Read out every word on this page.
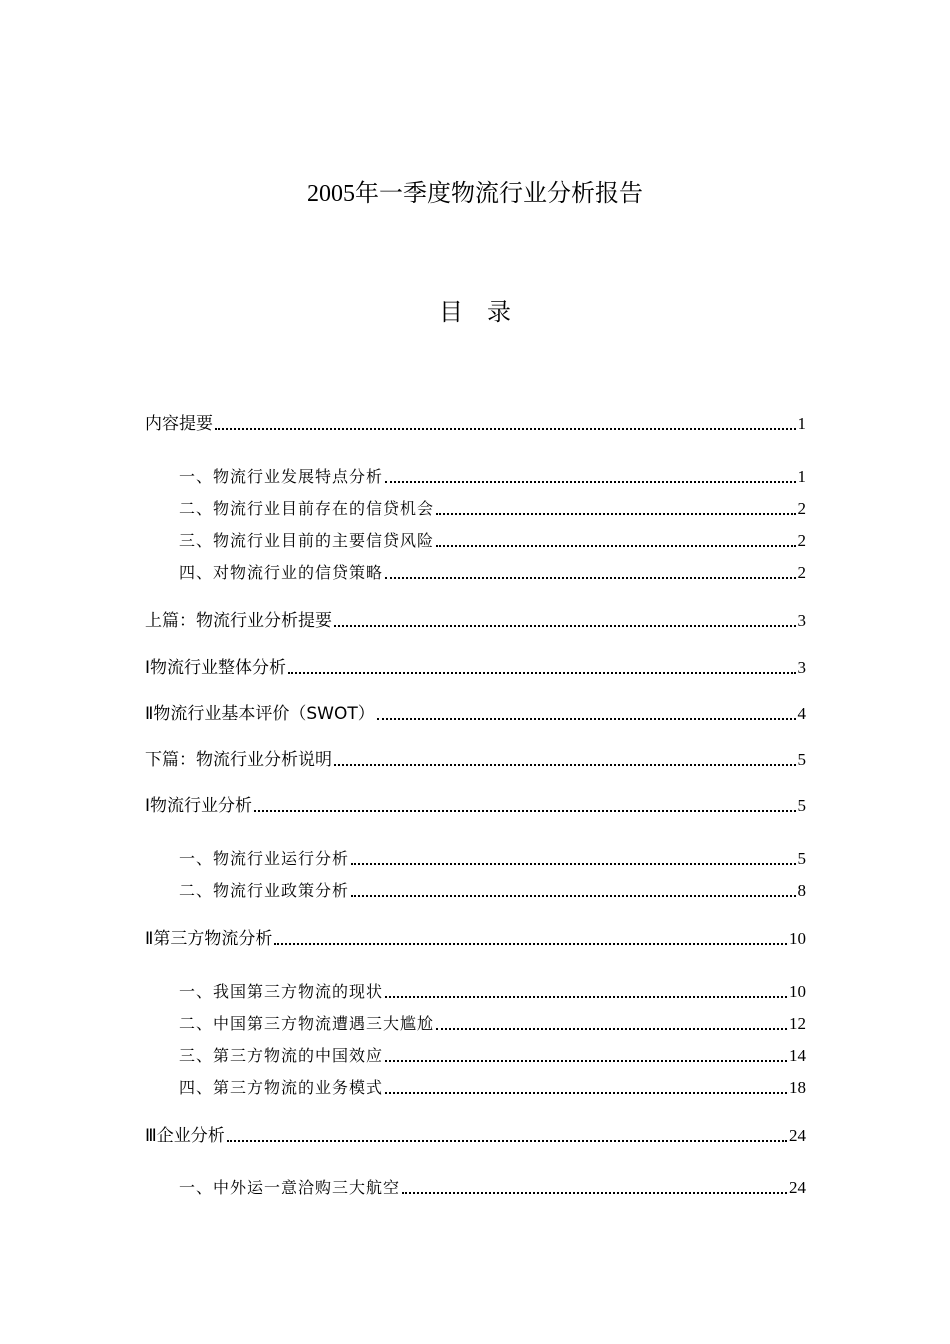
2005年一季度物流行业分析报告
目录
内容提要	1
一、物流行业发展特点分析	1
二、物流行业目前存在的信贷机会	2
三、物流行业目前的主要信贷风险	2
四、对物流行业的信贷策略	2
上篇：物流行业分析提要	3
Ⅰ物流行业整体分析	3
Ⅱ物流行业基本评价（SWOT）	4
下篇：物流行业分析说明	5
Ⅰ物流行业分析	5
一、物流行业运行分析	5
二、物流行业政策分析	8
Ⅱ第三方物流分析	10
一、我国第三方物流的现状	10
二、中国第三方物流遭遇三大尴尬	12
三、第三方物流的中国效应	14
四、第三方物流的业务模式	18
Ⅲ企业分析	24
一、中外运一意洽购三大航空	24
